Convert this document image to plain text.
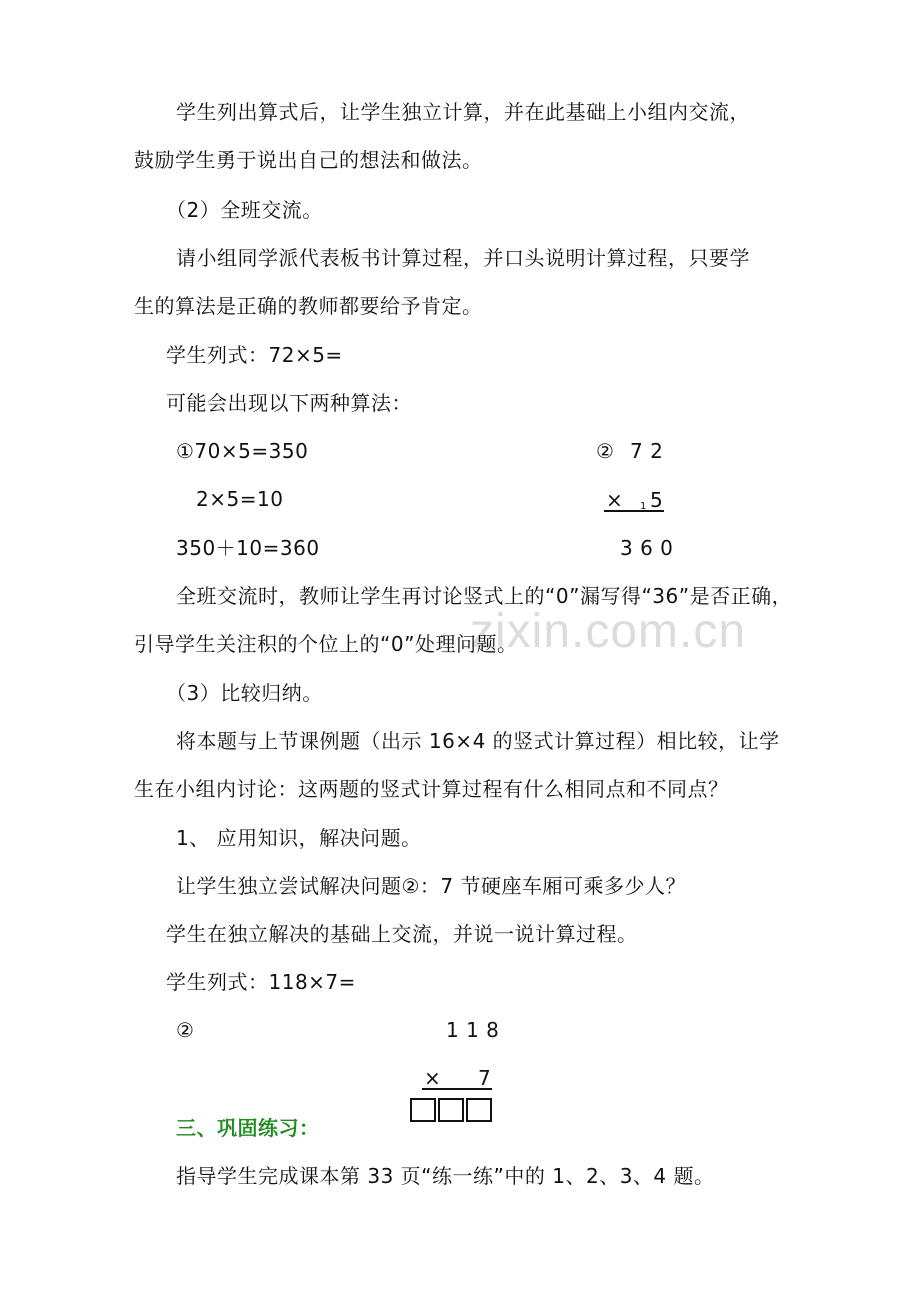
zixin.com.cn
学生列出算式后，让学生独立计算，并在此基础上小组内交流，
鼓励学生勇于说出自己的想法和做法。
（2）全班交流。
请小组同学派代表板书计算过程，并口头说明计算过程，只要学
生的算法是正确的教师都要给予肯定。
学生列式：72×5=
可能会出现以下两种算法：
①70×5=350
2×5=10
350＋10=360
② 7 2
× 1 5
3 6 0
全班交流时，教师让学生再讨论竖式上的“0”漏写得“36”是否正确，
引导学生关注积的个位上的“0”处理问题。
（3）比较归纳。
将本题与上节课例题（出示 16×4 的竖式计算过程）相比较，让学
生在小组内讨论：这两题的竖式计算过程有什么相同点和不同点？
1、 应用知识，解决问题。
让学生独立尝试解决问题②：7 节硬座车厢可乘多少人？
学生在独立解决的基础上交流，并说一说计算过程。
学生列式：118×7=
②	1 1 8
× 7
三、巩固练习：
指导学生完成课本第 33 页“练一练”中的 1、2、3、4 题。
